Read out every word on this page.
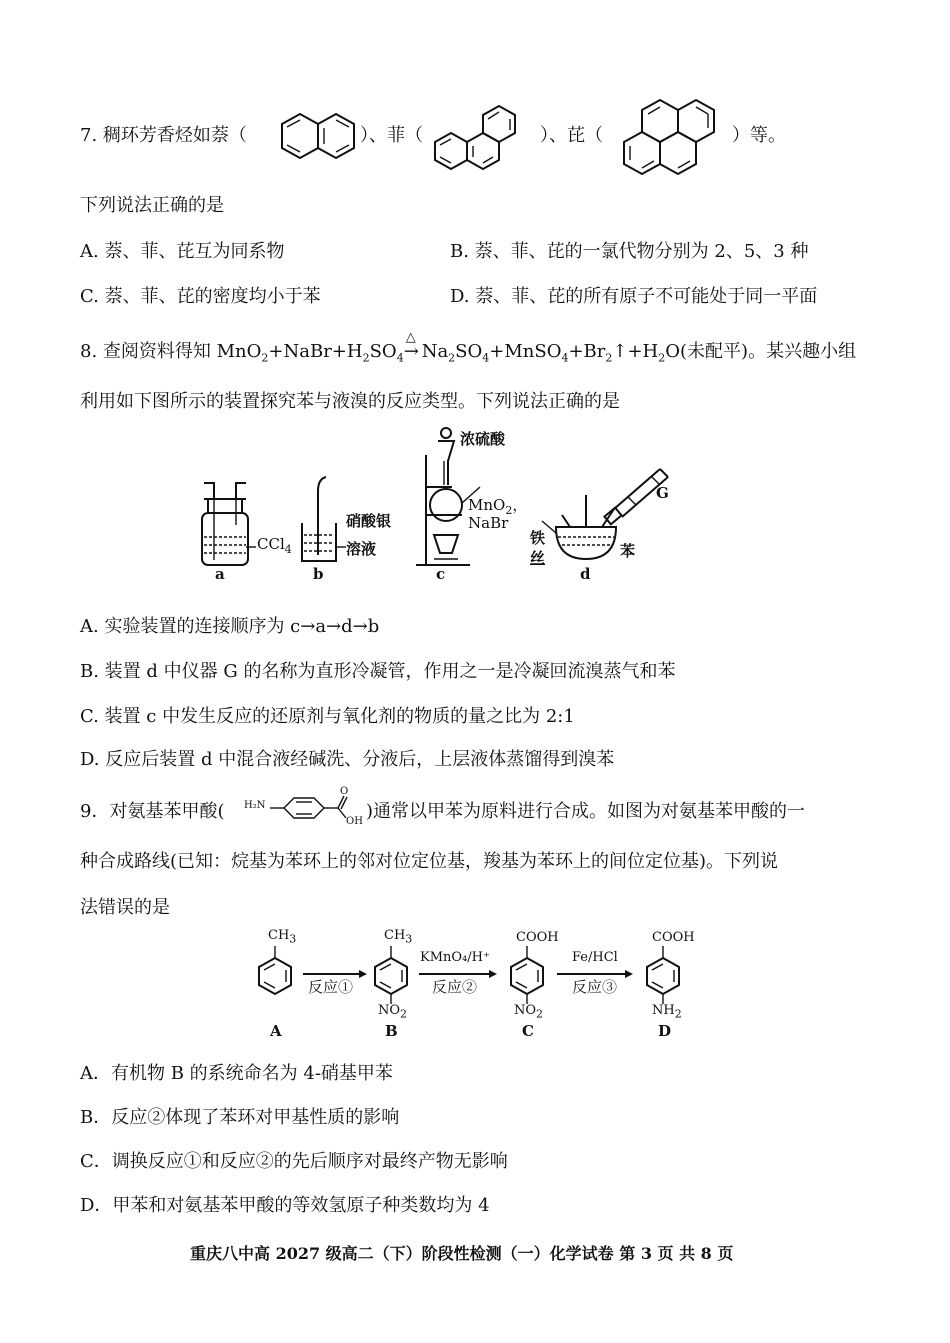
7. 稠环芳香烃如萘（	）、菲（	）、芘（	）等。
下列说法正确的是
A. 萘、菲、芘互为同系物	B. 萘、菲、芘的一氯代物分别为 2、5、3 种
C. 萘、菲、芘的密度均小于苯	D. 萘、菲、芘的所有原子不可能处于同一平面
8. 查阅资料得知 $MnO_2+NaBr+H_2SO_4$
△
→ $Na_2SO_4+MnSO_4+Br_2↑+H_2O$(未配平)。某兴趣小组
利用如下图所示的装置探究苯与液溴的反应类型。下列说法正确的是
浓硫酸
CCl$_4$
硝酸银
溶液
MnO$_2$，
NaBr
G
铁
丝	苯
a	b	c	d
A. 实验装置的连接顺序为 c→a→d→b
B. 装置 d 中仪器 G 的名称为直形冷凝管，作用之一是冷凝回流溴蒸气和苯
C. 装置 c 中发生反应的还原剂与氧化剂的物质的量之比为 2:1
D. 反应后装置 d 中混合液经碱洗、分液后，上层液体蒸馏得到溴苯
9．对氨基苯甲酸( H₂N
O
OH )通常以甲苯为原料进行合成。如图为对氨基苯甲酸的一
种合成路线(已知：烷基为苯环上的邻对位定位基，羧基为苯环上的间位定位基)。下列说
法错误的是
$CH_3$	$CH_3$
$NO_2$
COOH
$NO_2$
COOH
$NH_2$
反应①
KMnO₄/H⁺
反应②
Fe/HCl
反应③
A	B	C	D
A．有机物 B 的系统命名为 4-硝基甲苯
B．反应②体现了苯环对甲基性质的影响
C．调换反应①和反应②的先后顺序对最终产物无影响
D．甲苯和对氨基苯甲酸的等效氢原子种类数均为 4
重庆八中高 2027 级高二（下）阶段性检测（一）化学试卷 第 3 页 共 8 页
